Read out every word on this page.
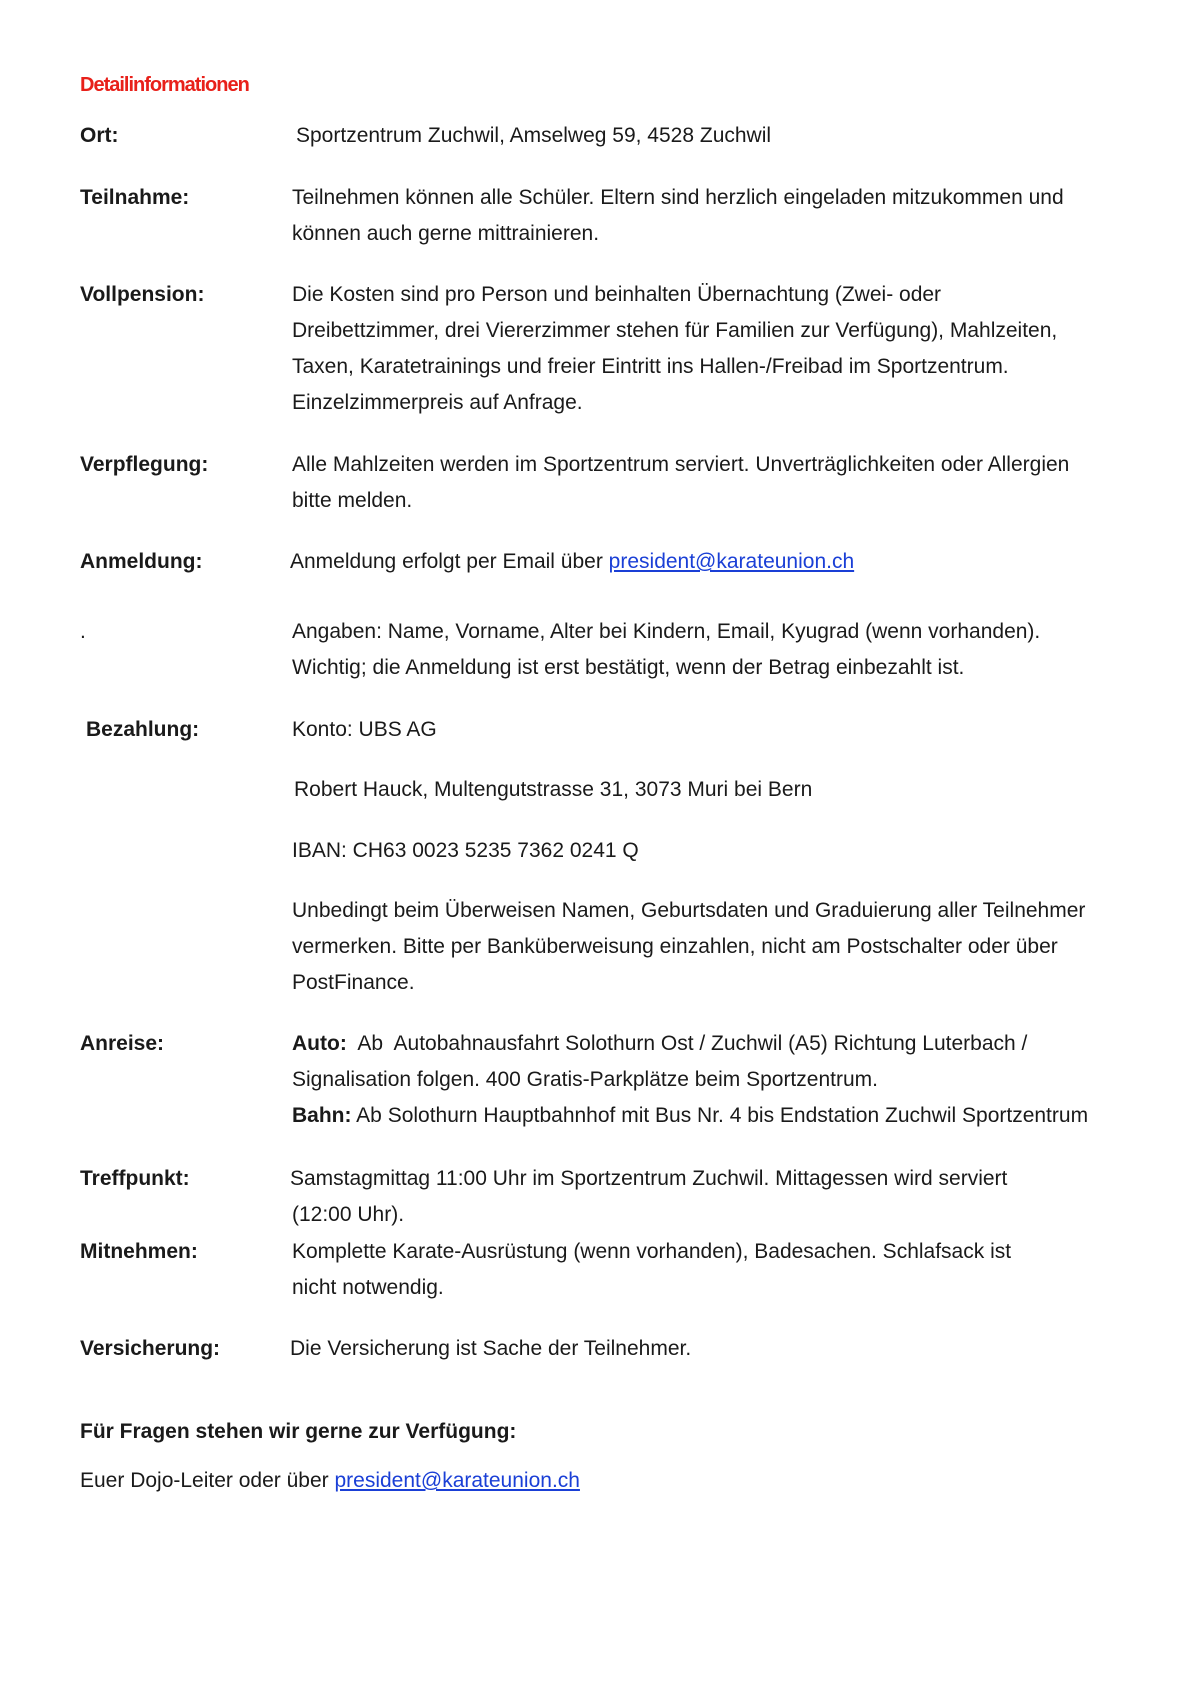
Detailinformationen
Ort:	Sportzentrum Zuchwil, Amselweg 59, 4528 Zuchwil
Teilnahme:	Teilnehmen können alle Schüler. Eltern sind herzlich eingeladen mitzukommen und
können auch gerne mittrainieren.
Vollpension:	Die Kosten sind pro Person und beinhalten Übernachtung (Zwei- oder
Dreibettzimmer, drei Viererzimmer stehen für Familien zur Verfügung), Mahlzeiten,
Taxen, Karatetrainings und freier Eintritt ins Hallen-/Freibad im Sportzentrum.
Einzelzimmerpreis auf Anfrage.
Verpflegung:	Alle Mahlzeiten werden im Sportzentrum serviert. Unverträglichkeiten oder Allergien
bitte melden.
Anmeldung:	Anmeldung erfolgt per Email über president@karateunion.ch
.	Angaben: Name, Vorname, Alter bei Kindern, Email, Kyugrad (wenn vorhanden).
Wichtig; die Anmeldung ist erst bestätigt, wenn der Betrag einbezahlt ist.
Bezahlung:	Konto: UBS AG
Robert Hauck, Multengutstrasse 31, 3073 Muri bei Bern
IBAN: CH63 0023 5235 7362 0241 Q
Unbedingt beim Überweisen Namen, Geburtsdaten und Graduierung aller Teilnehmer
vermerken. Bitte per Banküberweisung einzahlen, nicht am Postschalter oder über
PostFinance.
Anreise:	Auto:  Ab  Autobahnausfahrt Solothurn Ost / Zuchwil (A5) Richtung Luterbach /
Signalisation folgen. 400 Gratis-Parkplätze beim Sportzentrum.
Bahn: Ab Solothurn Hauptbahnhof mit Bus Nr. 4 bis Endstation Zuchwil Sportzentrum
Treffpunkt:	Samstagmittag 11:00 Uhr im Sportzentrum Zuchwil. Mittagessen wird serviert
(12:00 Uhr).
Mitnehmen:	Komplette Karate-Ausrüstung (wenn vorhanden), Badesachen. Schlafsack ist
nicht notwendig.
Versicherung:	Die Versicherung ist Sache der Teilnehmer.
Für Fragen stehen wir gerne zur Verfügung:
Euer Dojo-Leiter oder über president@karateunion.ch
